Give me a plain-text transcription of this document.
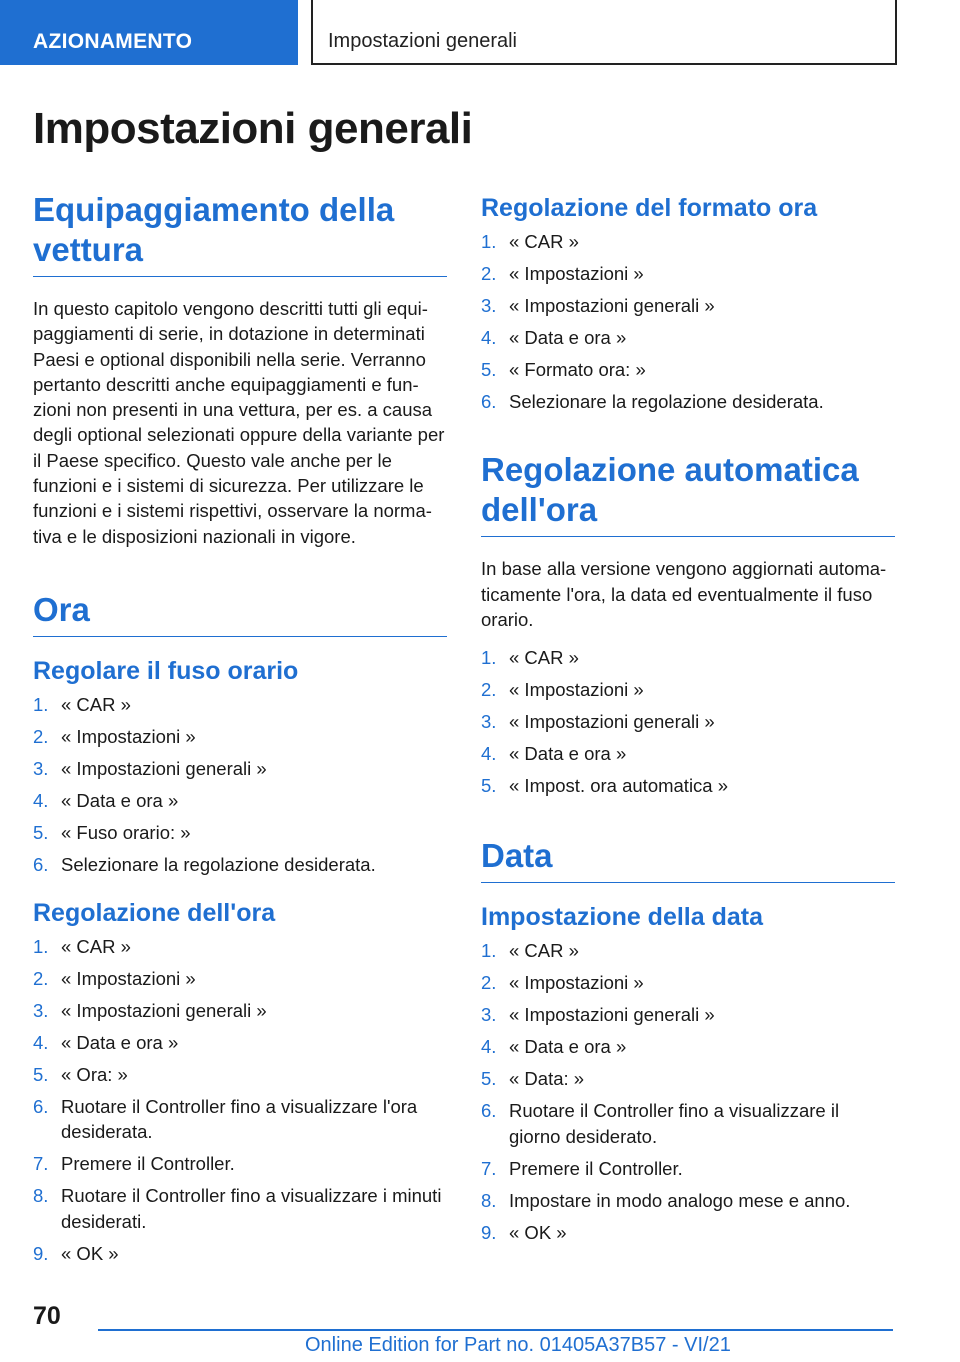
AZIONAMENTO	Impostazioni generali
Impostazioni generali
Equipaggiamento della vettura

In questo capitolo vengono descritti tutti gli equi-paggiamenti di serie, in dotazione in determinati Paesi e optional disponibili nella serie. Verranno pertanto descritti anche equipaggiamenti e fun-zioni non presenti in una vettura, per es. a causa degli optional selezionati oppure della variante per il Paese specifico. Questo vale anche per le funzioni e i sistemi di sicurezza. Per utilizzare le funzioni e i sistemi rispettivi, osservare la norma-tiva e le disposizioni nazionali in vigore.

Ora
Regolare il fuso orario
1. « CAR »
2. « Impostazioni »
3. « Impostazioni generali »
4. « Data e ora »
5. « Fuso orario: »
6. Selezionare la regolazione desiderata.
Regolazione dell'ora
1. « CAR »
2. « Impostazioni »
3. « Impostazioni generali »
4. « Data e ora »
5. « Ora: »
6. Ruotare il Controller fino a visualizzare l'ora desiderata.
7. Premere il Controller.
8. Ruotare il Controller fino a visualizzare i minuti desiderati.
9. « OK »
Regolazione del formato ora
1. « CAR »
2. « Impostazioni »
3. « Impostazioni generali »
4. « Data e ora »
5. « Formato ora: »
6. Selezionare la regolazione desiderata.
Regolazione automatica dell'ora

In base alla versione vengono aggiornati automa-ticamente l'ora, la data ed eventualmente il fuso orario.

1. « CAR »
2. « Impostazioni »
3. « Impostazioni generali »
4. « Data e ora »
5. « Impost. ora automatica »
Data
Impostazione della data
1. « CAR »
2. « Impostazioni »
3. « Impostazioni generali »
4. « Data e ora »
5. « Data: »
6. Ruotare il Controller fino a visualizzare il giorno desiderato.
7. Premere il Controller.
8. Impostare in modo analogo mese e anno.
9. « OK »
70
Online Edition for Part no. 01405A37B57 - VI/21
